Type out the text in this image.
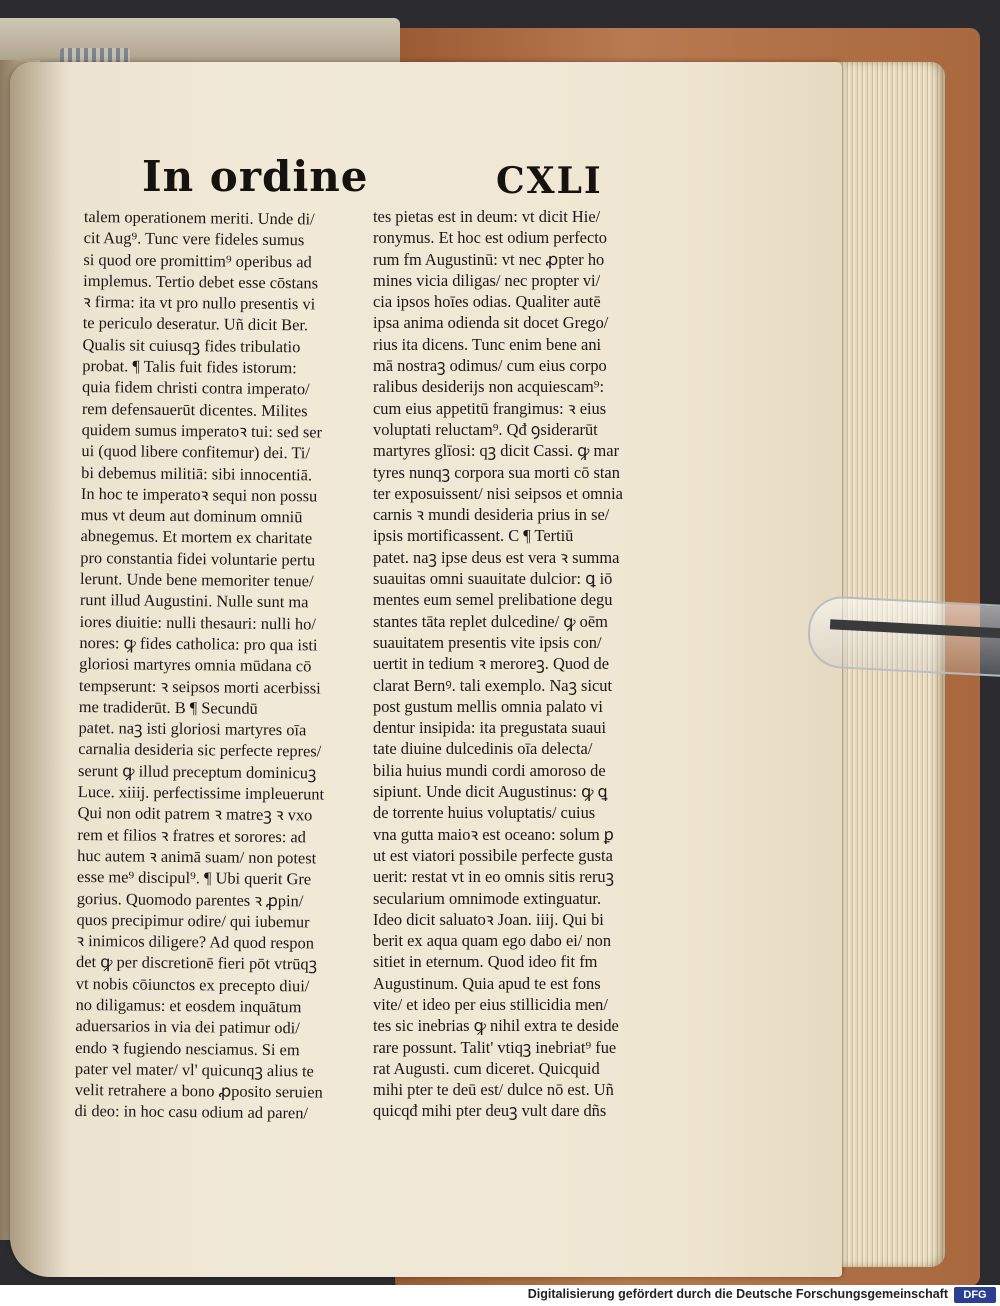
In ordine	CXLI
talem operationem meriti. Unde di/
cit Aug⁹. Tunc vere fideles sumus
si quod ore promittim⁹ operibus ad
implemus. Tertio debet esse cōstans
ꝛ firma: ita vt pro nullo presentis vi
te periculo deseratur. Uñ dicit Ber.
Qualis sit cuiusqꝫ fides tribulatio
probat. ¶ Talis fuit fides istorum:
quia fidem christi contra imperato/
rem defensauerūt dicentes. Milites
quidem sumus imperatoꝛ tui: sed ser
ui (quod libere confitemur) dei. Ti/
bi debemus militiā: sibi innocentiā.
In hoc te imperatoꝛ sequi non possu
mus vt deum aut dominum omniū
abnegemus. Et mortem ex charitate
pro constantia fidei voluntarie pertu
lerunt. Unde bene memoriter tenue/
runt illud Augustini. Nulle sunt ma
iores diuitie: nulli thesauri: nulli ho/
nores: ꝙ fides catholica: pro qua isti
gloriosi martyres omnia mūdana cō
tempserunt: ꝛ seipsos morti acerbissi
me tradiderūt. B ¶ Secundū
patet. naꝫ isti gloriosi martyres oīa
carnalia desideria sic perfecte repres/
serunt ꝙ illud preceptum dominicuꝫ
Luce. xiiij. perfectissime impleuerunt
Qui non odit patrem ꝛ matreꝫ ꝛ vxo
rem et filios ꝛ fratres et sorores: ad
huc autem ꝛ animā suam/ non potest
esse me⁹ discipul⁹. ¶ Ubi querit Gre
gorius. Quomodo parentes ꝛ ꝓpin/
quos precipimur odire/ qui iubemur
ꝛ inimicos diligere? Ad quod respon
det ꝙ per discretionē fieri pōt vtrūqꝫ
vt nobis cōiunctos ex precepto diui/
no diligamus: et eosdem inquātum
aduersarios in via dei patimur odi/
endo ꝛ fugiendo nesciamus. Si em
pater vel mater/ vl' quicunqꝫ alius te
velit retrahere a bono ꝓposito seruien
di deo: in hoc casu odium ad paren/
tes pietas est in deum: vt dicit Hie/
ronymus. Et hoc est odium perfecto
rum fm Augustinū: vt nec ꝓpter ho
mines vicia diligas/ nec propter vi/
cia ipsos hoīes odias. Qualiter autē
ipsa anima odienda sit docet Grego/
rius ita dicens. Tunc enim bene ani
mā nostraꝫ odimus/ cum eius corpo
ralibus desiderijs non acquiescam⁹:
cum eius appetitū frangimus: ꝛ eius
voluptati reluctam⁹. Qđ ꝯsiderarūt
martyres glīosi: qꝫ dicit Cassi. ꝙ mar
tyres nunqꝫ corpora sua morti cō stan
ter exposuissent/ nisi seipsos et omnia
carnis ꝛ mundi desideria prius in se/
ipsis mortificassent. C ¶ Tertiū
patet. naꝫ ipse deus est vera ꝛ summa
suauitas omni suauitate dulcior: ꝗ iō
mentes eum semel prelibatione degu
stantes tāta replet dulcedine/ ꝙ oēm
suauitatem presentis vite ipsis con/
uertit in tedium ꝛ meroreꝫ. Quod de
clarat Bernꝰ. tali exemplo. Naꝫ sicut
post gustum mellis omnia palato vi
dentur insipida: ita pregustata suaui
tate diuine dulcedinis oīa delecta/
bilia huius mundi cordi amoroso de
sipiunt. Unde dicit Augustinus: ꝙ ꝗ
de torrente huius voluptatis/ cuius
vna gutta maioꝛ est oceano: solum ꝑ
ut est viatori possibile perfecte gusta
uerit: restat vt in eo omnis sitis reruꝫ
secularium omnimode extinguatur.
Ideo dicit saluatoꝛ Joan. iiij. Qui bi
berit ex aqua quam ego dabo ei/ non
sitiet in eternum. Quod ideo fit fm
Augustinum. Quia apud te est fons
vite/ et ideo per eius stillicidia men/
tes sic inebrias ꝙ nihil extra te deside
rare possunt. Talit' vtiqꝫ inebriat⁹ fue
rat Augusti. cum diceret. Quicquid
mihi pter te deū est/ dulce nō est. Uñ
quicqđ mihi pter deuꝫ vult dare dñs
Digitalisierung gefördert durch die Deutsche Forschungsgemeinschaft	DFG
